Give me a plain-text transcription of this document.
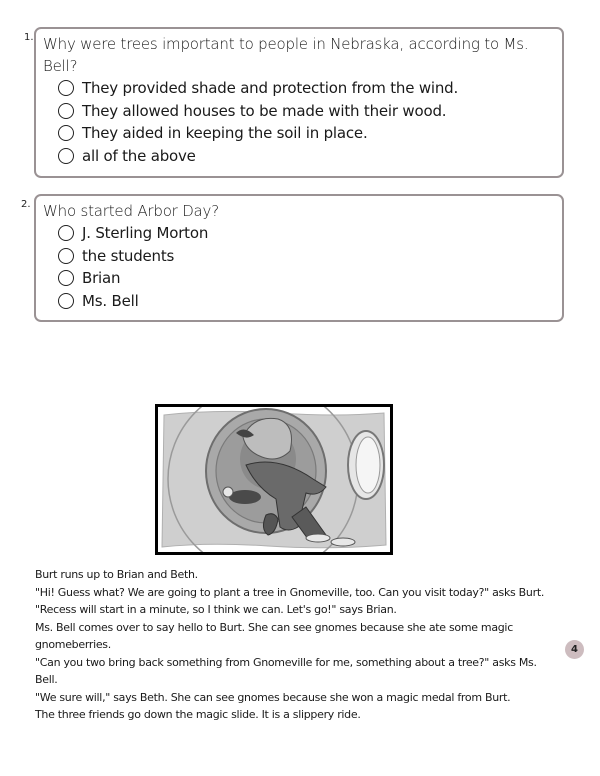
1. Why were trees important to people in Nebraska, according to Ms. Bell?
They provided shade and protection from the wind.
They allowed houses to be made with their wood.
They aided in keeping the soil in place.
all of the above
2. Who started Arbor Day?
J. Sterling Morton
the students
Brian
Ms. Bell

Burt runs up to Brian and Beth.

"Hi! Guess what? We are going to plant a tree in Gnomeville, too. Can you visit today?" asks Burt.

"Recess will start in a minute, so I think we can. Let's go!" says Brian.

Ms. Bell comes over to say hello to Burt. She can see gnomes because she ate some magic gnomeberries.

"Can you two bring back something from Gnomeville for me, something about a tree?" asks Ms. Bell.

"We sure will," says Beth. She can see gnomes because she won a magic medal from Burt.

The three friends go down the magic slide. It is a slippery ride.

4
